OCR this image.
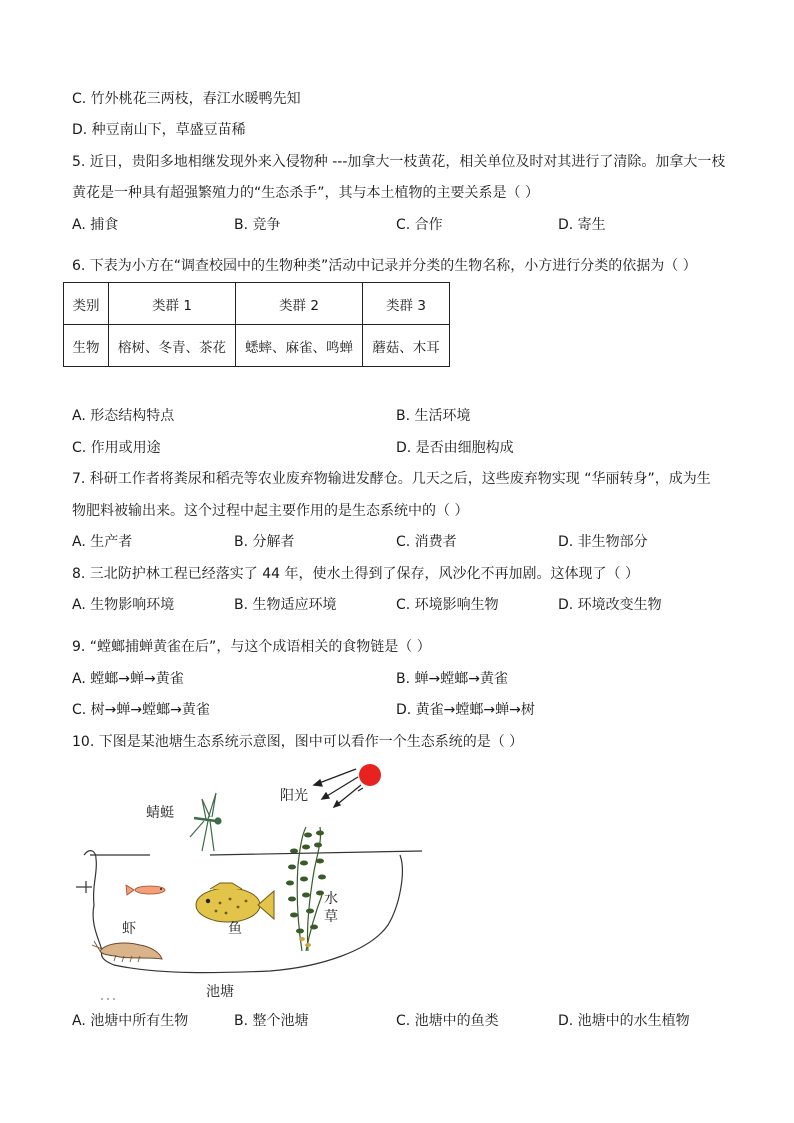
C. 竹外桃花三两枝，春江水暖鸭先知
D. 种豆南山下，草盛豆苗稀
5. 近日，贵阳多地相继发现外来入侵物种 ---加拿大一枝黄花，相关单位及时对其进行了清除。加拿大一枝
黄花是一种具有超强繁殖力的“生态杀手”，其与本土植物的主要关系是（ ）
A. 捕食	B. 竞争	C. 合作	D. 寄生
6. 下表为小方在“调查校园中的生物种类”活动中记录并分类的生物名称，小方进行分类的依据为（ ）
类别	类群 1	类群 2	类群 3
生物	榕树、冬青、茶花	蟋蟀、麻雀、鸣蝉	蘑菇、木耳
A. 形态结构特点	B. 生活环境
C. 作用或用途	D. 是否由细胞构成
7. 科研工作者将粪尿和稻壳等农业废弃物输进发酵仓。几天之后，这些废弃物实现 “华丽转身”，成为生
物肥料被输出来。这个过程中起主要作用的是生态系统中的（ ）
A. 生产者	B. 分解者	C. 消费者	D. 非生物部分
8. 三北防护林工程已经落实了 44 年，使水土得到了保存，风沙化不再加剧。这体现了（ ）
A. 生物影响环境	B. 生物适应环境	C. 环境影响生物	D. 环境改变生物
9. “螳螂捕蝉黄雀在后”，与这个成语相关的食物链是（ ）
A. 螳螂→蝉→黄雀	B. 蝉→螳螂→黄雀
C. 树→蝉→螳螂→黄雀	D. 黄雀→螳螂→蝉→树
10. 下图是某池塘生态系统示意图，图中可以看作一个生态系统的是（ ）
阳光
蜻蜓
虾	鱼
水
草
池塘
A. 池塘中所有生物	B. 整个池塘	C. 池塘中的鱼类	D. 池塘中的水生植物
